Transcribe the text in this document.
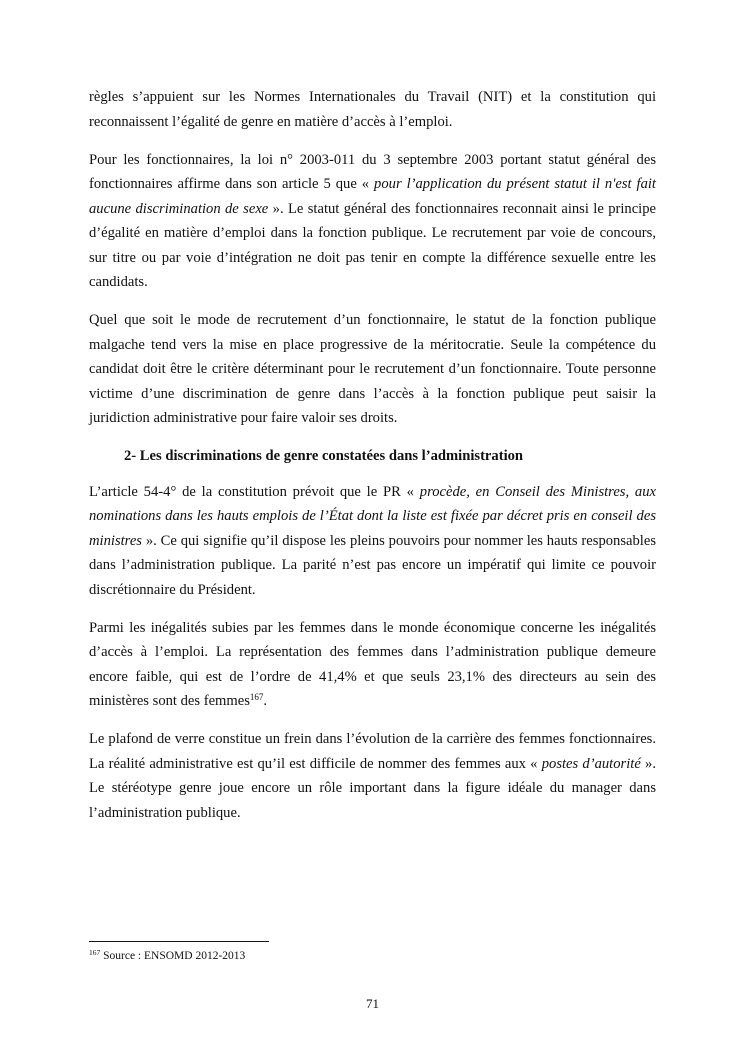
règles s’appuient sur les Normes Internationales du Travail (NIT) et la constitution qui reconnaissent l’égalité de genre en matière d’accès à l’emploi.

Pour les fonctionnaires, la loi n° 2003-011 du 3 septembre 2003 portant statut général des fonctionnaires affirme dans son article 5 que « pour l’application du présent statut il n'est fait aucune discrimination de sexe ». Le statut général des fonctionnaires reconnait ainsi le principe d’égalité en matière d’emploi dans la fonction publique. Le recrutement par voie de concours, sur titre ou par voie d’intégration ne doit pas tenir en compte la différence sexuelle entre les candidats.

Quel que soit le mode de recrutement d’un fonctionnaire, le statut de la fonction publique malgache tend vers la mise en place progressive de la méritocratie. Seule la compétence du candidat doit être le critère déterminant pour le recrutement d’un fonctionnaire. Toute personne victime d’une discrimination de genre dans l’accès à la fonction publique peut saisir la juridiction administrative pour faire valoir ses droits.

2- Les discriminations de genre constatées dans l’administration

L’article 54-4° de la constitution prévoit que le PR « procède, en Conseil des Ministres, aux nominations dans les hauts emplois de l’État dont la liste est fixée par décret pris en conseil des ministres ». Ce qui signifie qu’il dispose les pleins pouvoirs pour nommer les hauts responsables dans l’administration publique. La parité n’est pas encore un impératif qui limite ce pouvoir discrétionnaire du Président.

Parmi les inégalités subies par les femmes dans le monde économique concerne les inégalités d’accès à l’emploi. La représentation des femmes dans l’administration publique demeure encore faible, qui est de l’ordre de 41,4% et que seuls 23,1% des directeurs au sein des ministères sont des femmes$^{167}$.

Le plafond de verre constitue un frein dans l’évolution de la carrière des femmes fonctionnaires. La réalité administrative est qu’il est difficile de nommer des femmes aux « postes d’autorité ». Le stéréotype genre joue encore un rôle important dans la figure idéale du manager dans l’administration publique.

$^{167}$ Source : ENSOMD 2012-2013
71
